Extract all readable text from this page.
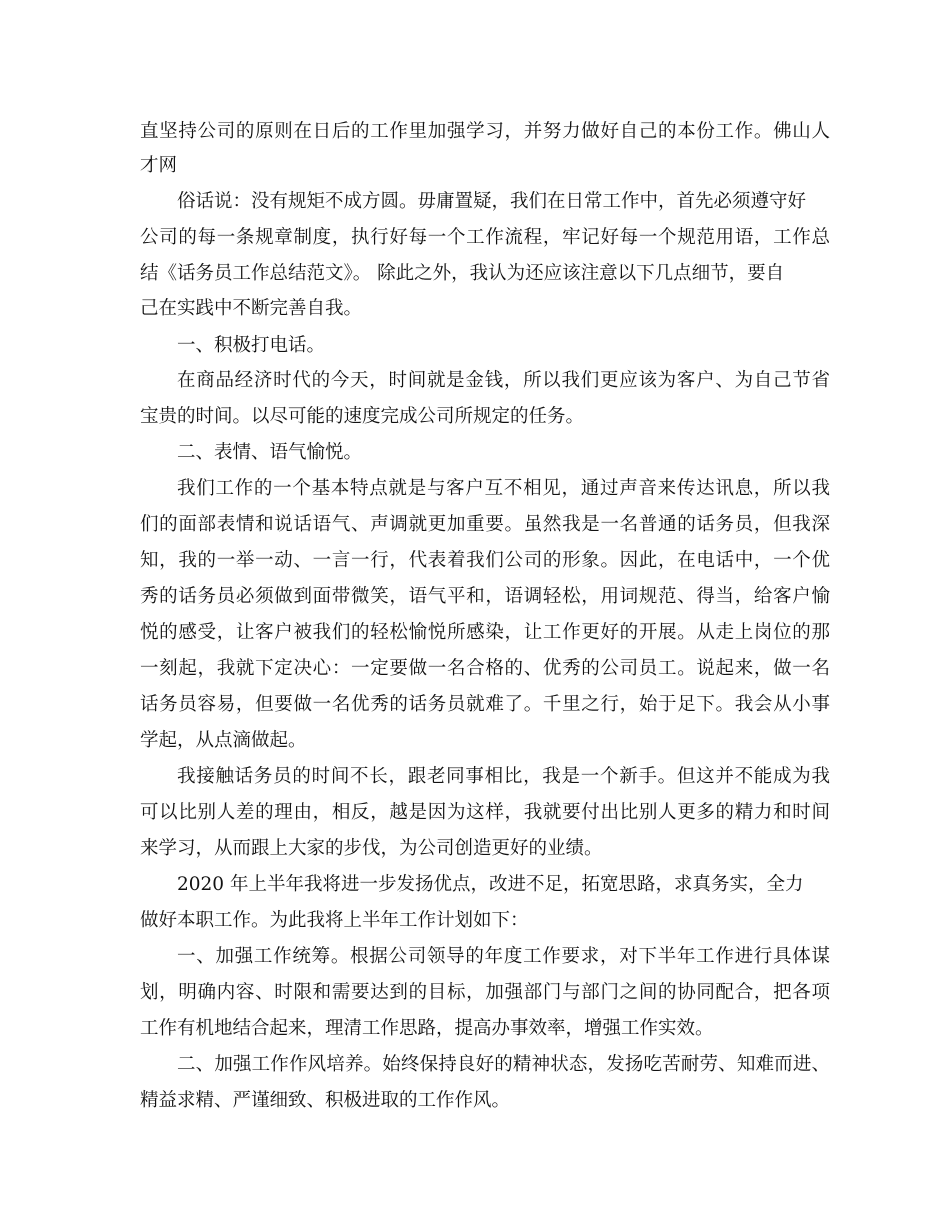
直坚持公司的原则在日后的工作里加强学习，并努力做好自己的本份工作。佛山人

才网

俗话说：没有规矩不成方圆。毋庸置疑，我们在日常工作中，首先必须遵守好

公司的每一条规章制度，执行好每一个工作流程，牢记好每一个规范用语，工作总

结《话务员工作总结范文》。 除此之外，我认为还应该注意以下几点细节，要自

己在实践中不断完善自我。

一、积极打电话。

在商品经济时代的今天，时间就是金钱，所以我们更应该为客户、为自己节省

宝贵的时间。以尽可能的速度完成公司所规定的任务。

二、表情、语气愉悦。

我们工作的一个基本特点就是与客户互不相见，通过声音来传达讯息，所以我

们的面部表情和说话语气、声调就更加重要。虽然我是一名普通的话务员，但我深

知，我的一举一动、一言一行，代表着我们公司的形象。因此，在电话中，一个优

秀的话务员必须做到面带微笑，语气平和，语调轻松，用词规范、得当，给客户愉

悦的感受，让客户被我们的轻松愉悦所感染，让工作更好的开展。从走上岗位的那

一刻起，我就下定决心：一定要做一名合格的、优秀的公司员工。说起来，做一名

话务员容易，但要做一名优秀的话务员就难了。千里之行，始于足下。我会从小事

学起，从点滴做起。

我接触话务员的时间不长，跟老同事相比，我是一个新手。但这并不能成为我

可以比别人差的理由，相反，越是因为这样，我就要付出比别人更多的精力和时间

来学习，从而跟上大家的步伐，为公司创造更好的业绩。

2020 年上半年我将进一步发扬优点，改进不足，拓宽思路，求真务实，全力

做好本职工作。为此我将上半年工作计划如下：

一、加强工作统筹。根据公司领导的年度工作要求，对下半年工作进行具体谋

划，明确内容、时限和需要达到的目标，加强部门与部门之间的协同配合，把各项

工作有机地结合起来，理清工作思路，提高办事效率，增强工作实效。

二、加强工作作风培养。始终保持良好的精神状态，发扬吃苦耐劳、知难而进、

精益求精、严谨细致、积极进取的工作作风。
